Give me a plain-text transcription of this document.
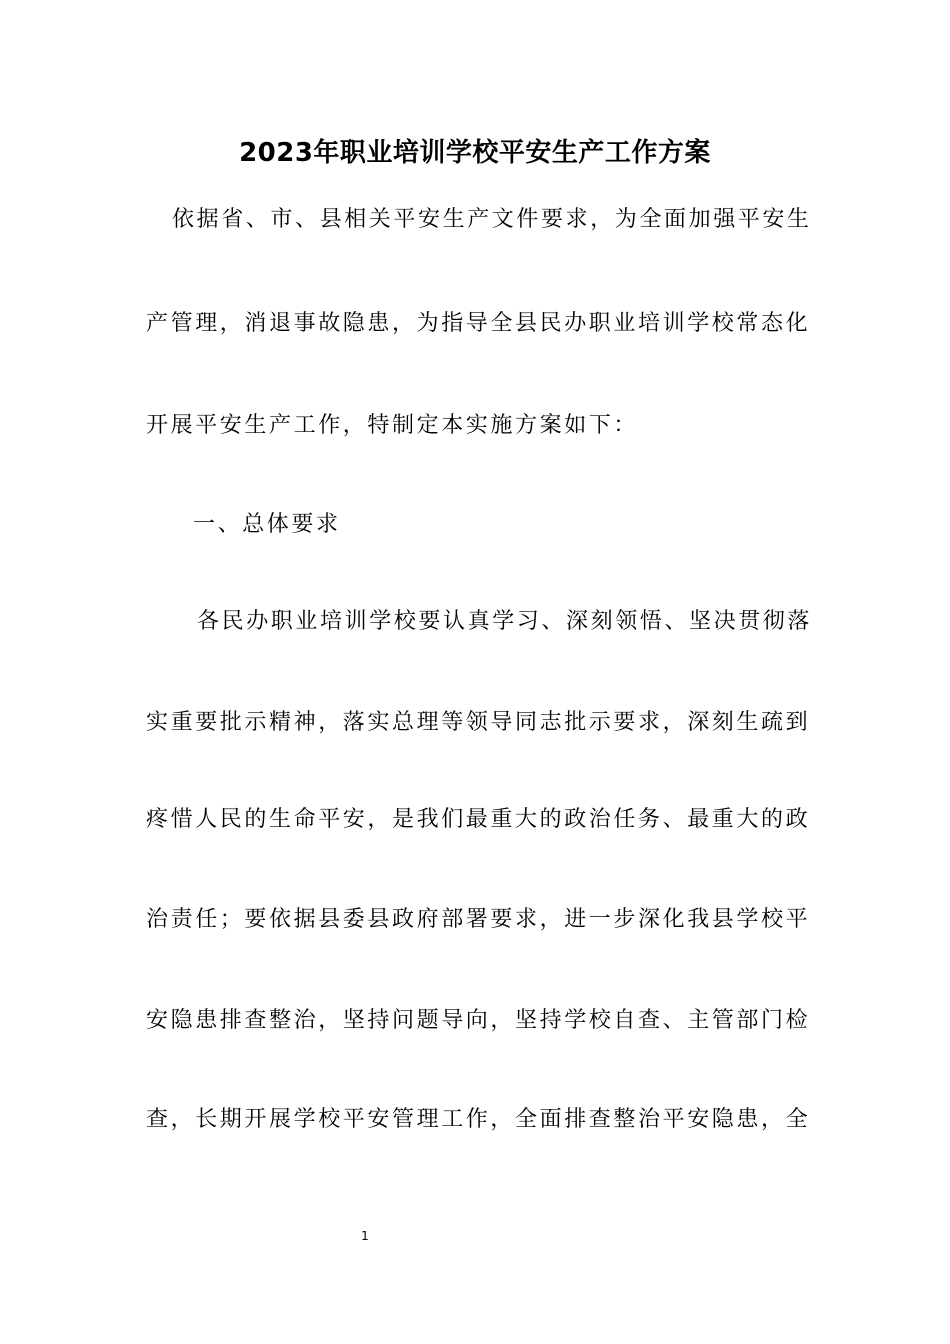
2023年职业培训学校平安生产工作方案

依据省、市、县相关平安生产文件要求，为全面加强平安生

产管理，消退事故隐患，为指导全县民办职业培训学校常态化

开展平安生产工作，特制定本实施方案如下：

一、总体要求

各民办职业培训学校要认真学习、深刻领悟、坚决贯彻落

实重要批示精神，落实总理等领导同志批示要求，深刻生疏到

疼惜人民的生命平安，是我们最重大的政治任务、最重大的政

治责任；要依据县委县政府部署要求，进一步深化我县学校平

安隐患排查整治，坚持问题导向，坚持学校自查、主管部门检

查，长期开展学校平安管理工作，全面排查整治平安隐患，全

1
